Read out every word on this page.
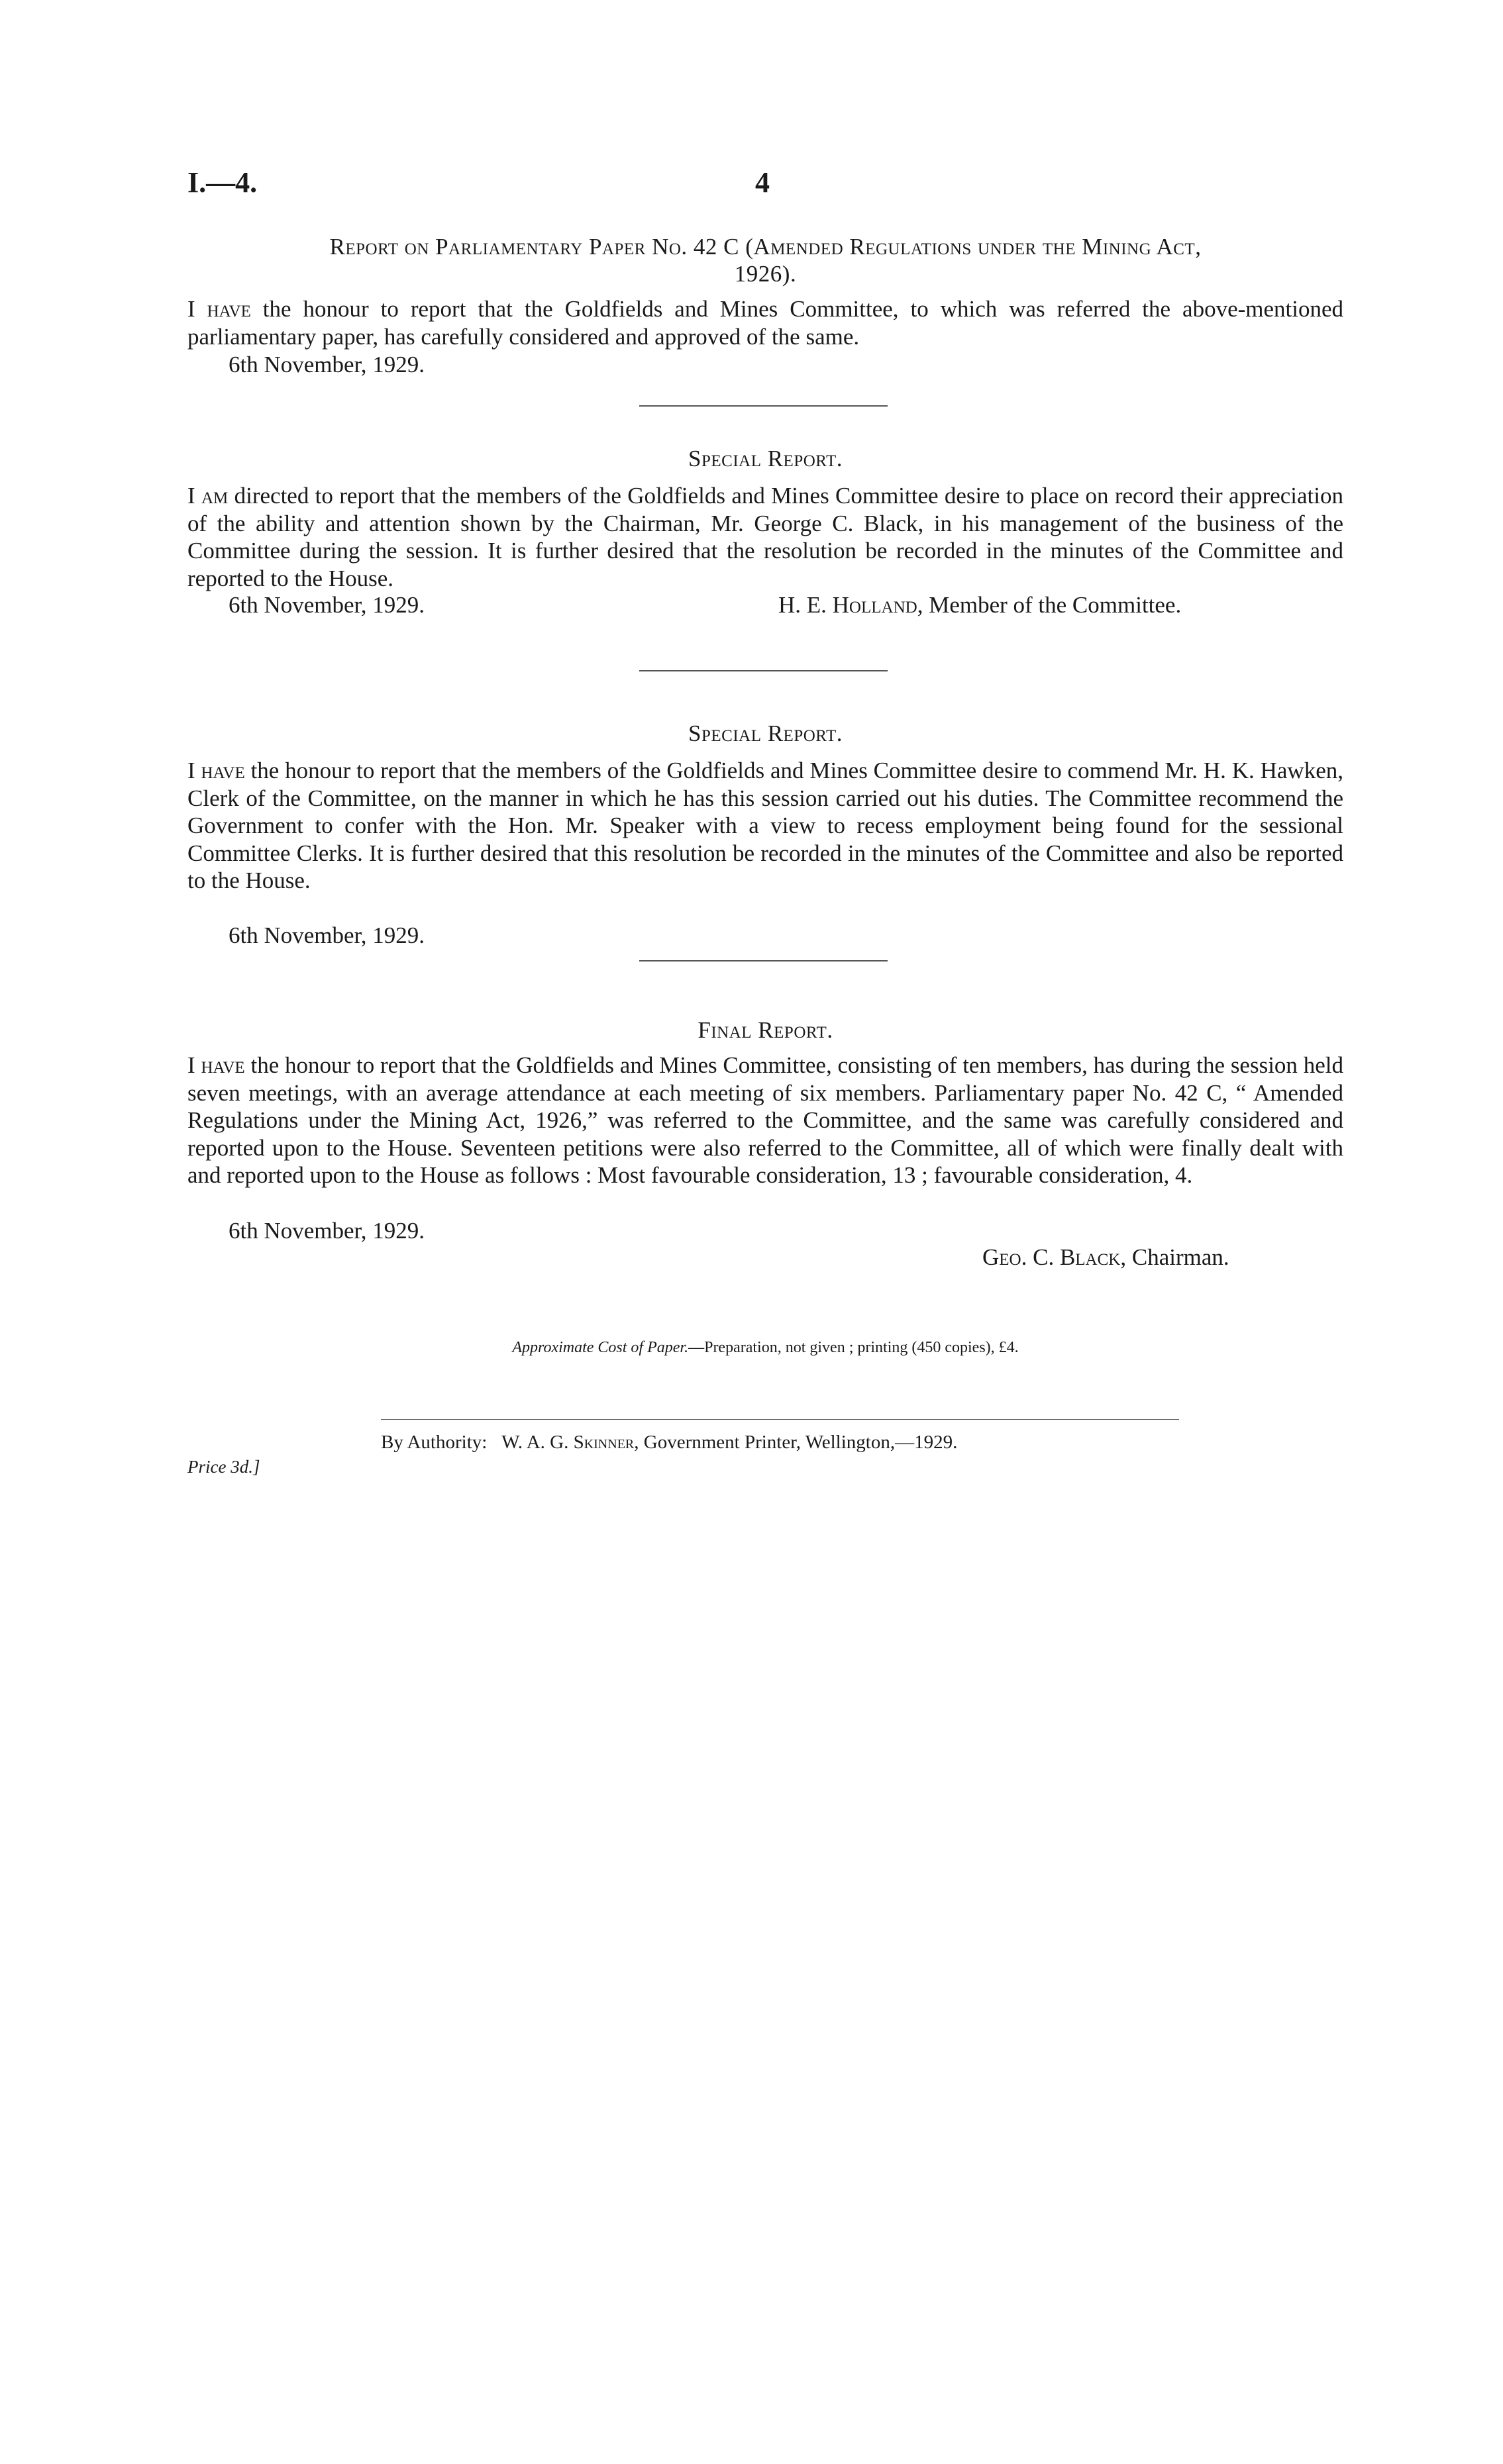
I.—4.	4
Report on Parliamentary Paper No. 42 C (Amended Regulations under the Mining Act,
1926).

I have the honour to report that the Goldfields and Mines Committee, to which was referred the above-mentioned parliamentary paper, has carefully considered and approved of the same.

6th November, 1929.
Special Report.

I am directed to report that the members of the Goldfields and Mines Committee desire to place on record their appreciation of the ability and attention shown by the Chairman, Mr. George C. Black, in his management of the business of the Committee during the session. It is further desired that the resolution be recorded in the minutes of the Committee and reported to the House.

6th November, 1929.	H. E. Holland, Member of the Committee.
Special Report.

I have the honour to report that the members of the Goldfields and Mines Committee desire to commend Mr. H. K. Hawken, Clerk of the Committee, on the manner in which he has this session carried out his duties. The Committee recommend the Government to confer with the Hon. Mr. Speaker with a view to recess employment being found for the sessional Committee Clerks. It is further desired that this resolution be recorded in the minutes of the Committee and also be reported to the House.

6th November, 1929.
Final Report.

I have the honour to report that the Goldfields and Mines Committee, consisting of ten members, has during the session held seven meetings, with an average attendance at each meeting of six members. Parliamentary paper No. 42 C, “ Amended Regulations under the Mining Act, 1926,” was referred to the Committee, and the same was carefully considered and reported upon to the House. Seventeen petitions were also referred to the Committee, all of which were finally dealt with and reported upon to the House as follows : Most favourable consideration, 13 ; favourable consideration, 4.

6th November, 1929.
Geo. C. Black, Chairman.
Approximate Cost of Paper.—Preparation, not given ; printing (450 copies), £4.
Price 3d.]
By Authority: W. A. G. Skinner, Government Printer, Wellington,—1929.
